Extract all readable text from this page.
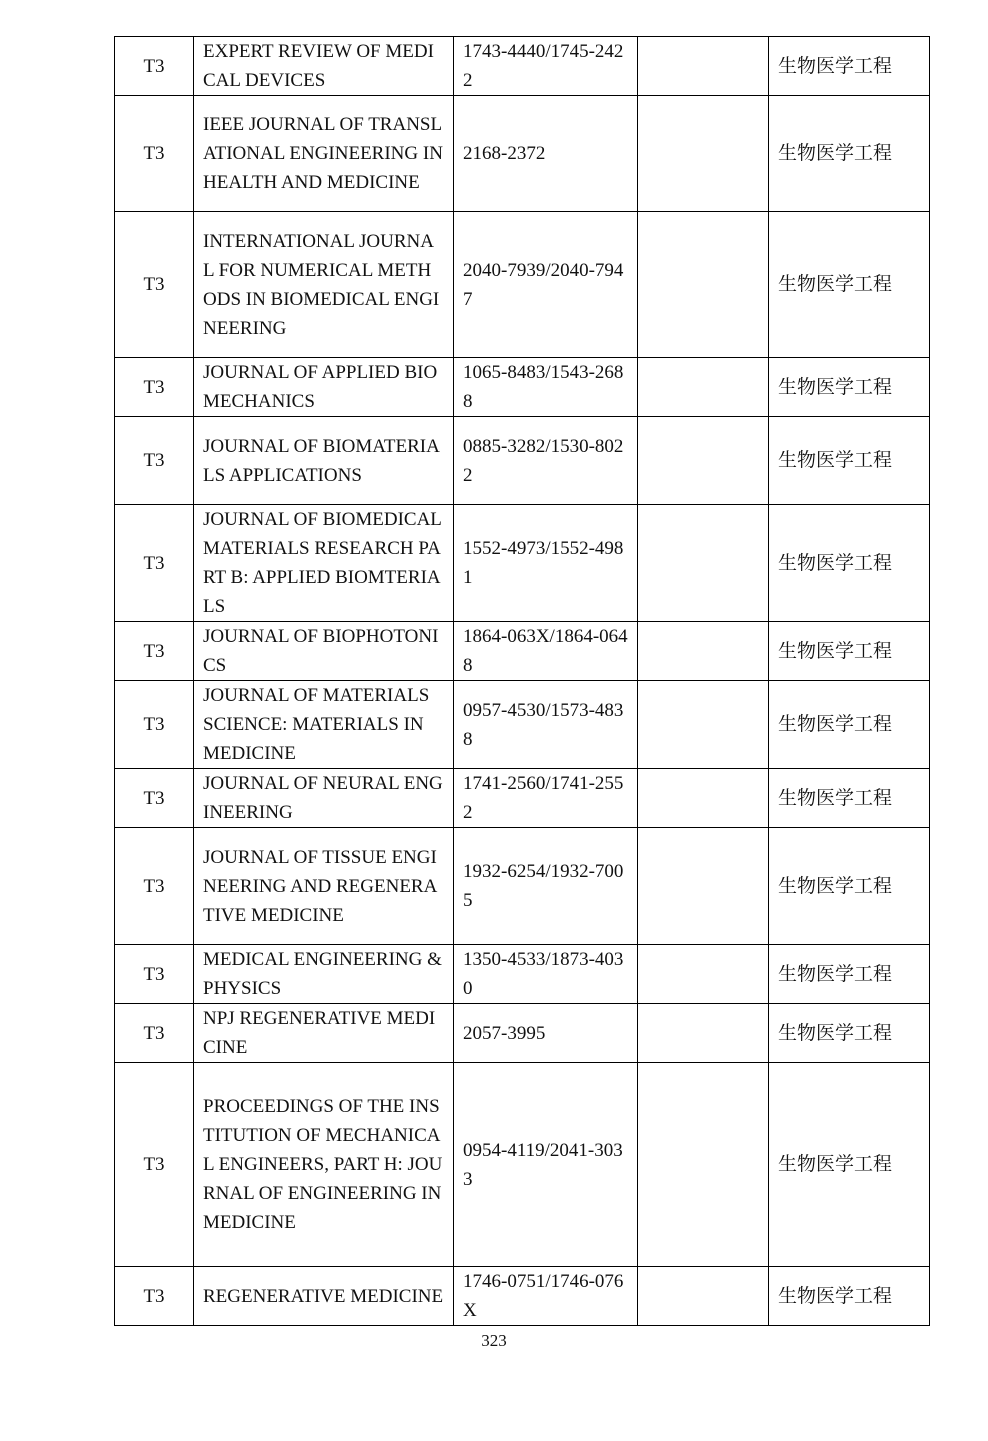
T3	EXPERT REVIEW OF MEDICAL DEVICES	1743-4440/1745-2422		生物医学工程
T3	IEEE JOURNAL OF TRANSLATIONAL ENGINEERING IN HEALTH AND MEDICINE	2168-2372		生物医学工程
T3	INTERNATIONAL JOURNAL FOR NUMERICAL METHODS IN BIOMEDICAL ENGINEERING	2040-7939/2040-7947		生物医学工程
T3	JOURNAL OF APPLIED BIOMECHANICS	1065-8483/1543-2688		生物医学工程
T3	JOURNAL OF BIOMATERIALS APPLICATIONS	0885-3282/1530-8022		生物医学工程
T3	JOURNAL OF BIOMEDICAL MATERIALS RESEARCH PART B: APPLIED BIOMTERIALS	1552-4973/1552-4981		生物医学工程
T3	JOURNAL OF BIOPHOTONICS	1864-063X/1864-0648		生物医学工程
T3	JOURNAL OF MATERIALS SCIENCE: MATERIALS IN MEDICINE	0957-4530/1573-4838		生物医学工程
T3	JOURNAL OF NEURAL ENGINEERING	1741-2560/1741-2552		生物医学工程
T3	JOURNAL OF TISSUE ENGINEERING AND REGENERATIVE MEDICINE	1932-6254/1932-7005		生物医学工程
T3	MEDICAL ENGINEERING & PHYSICS	1350-4533/1873-4030		生物医学工程
T3	NPJ REGENERATIVE MEDICINE	2057-3995		生物医学工程
T3	PROCEEDINGS OF THE INSTITUTION OF MECHANICAL ENGINEERS, PART H: JOURNAL OF ENGINEERING IN MEDICINE	0954-4119/2041-3033		生物医学工程
T3	REGENERATIVE MEDICINE	1746-0751/1746-076X		生物医学工程
323
